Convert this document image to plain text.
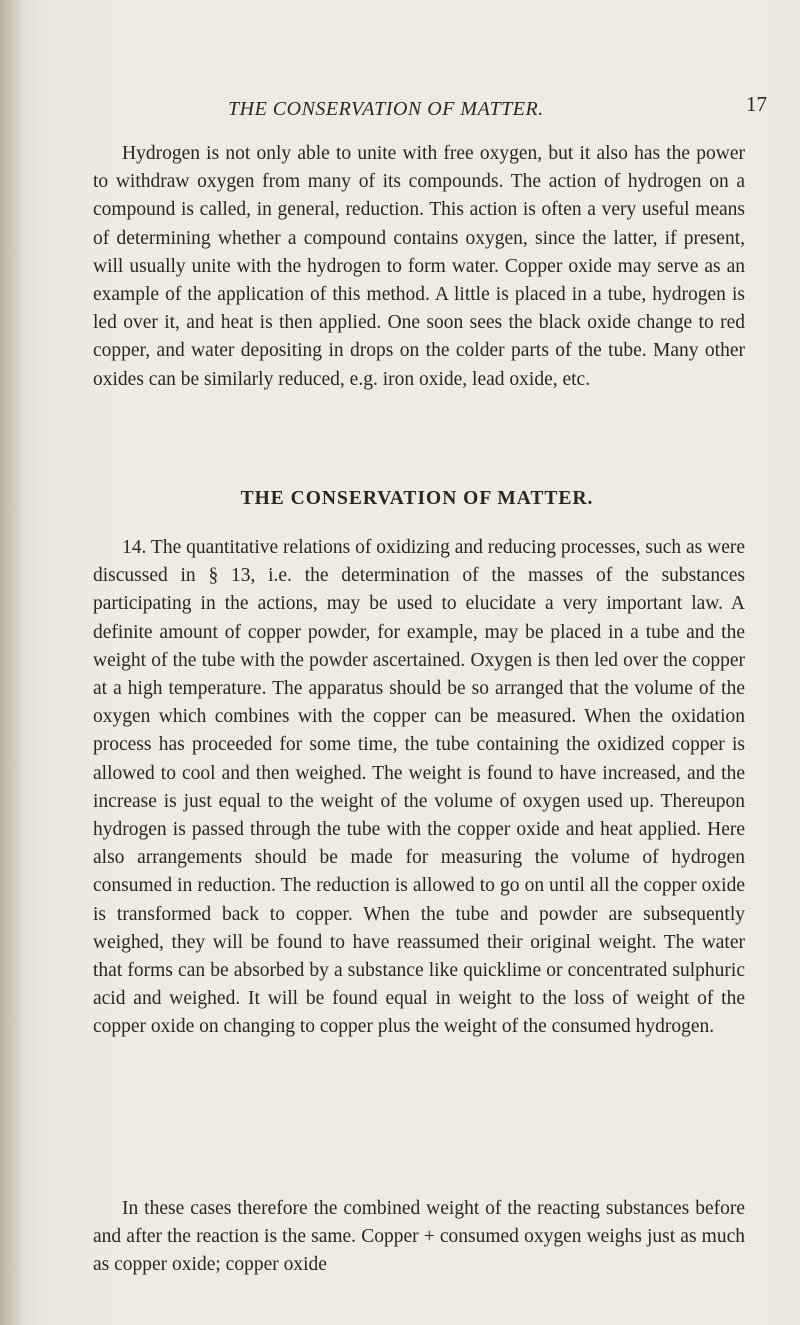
THE CONSERVATION OF MATTER.	17

Hydrogen is not only able to unite with free oxygen, but it also has the power to withdraw oxygen from many of its compounds. The action of hydrogen on a compound is called, in general, reduction. This action is often a very useful means of determining whether a compound contains oxygen, since the latter, if present, will usually unite with the hydrogen to form water. Copper oxide may serve as an example of the application of this method. A little is placed in a tube, hydrogen is led over it, and heat is then applied. One soon sees the black oxide change to red copper, and water depositing in drops on the colder parts of the tube. Many other oxides can be similarly reduced, e.g. iron oxide, lead oxide, etc.

THE CONSERVATION OF MATTER.

14. The quantitative relations of oxidizing and reducing processes, such as were discussed in § 13, i.e. the determination of the masses of the substances participating in the actions, may be used to elucidate a very important law. A definite amount of copper powder, for example, may be placed in a tube and the weight of the tube with the powder ascertained. Oxygen is then led over the copper at a high temperature. The apparatus should be so arranged that the volume of the oxygen which combines with the copper can be measured. When the oxidation process has proceeded for some time, the tube containing the oxidized copper is allowed to cool and then weighed. The weight is found to have increased, and the increase is just equal to the weight of the volume of oxygen used up. Thereupon hydrogen is passed through the tube with the copper oxide and heat applied. Here also arrangements should be made for measuring the volume of hydrogen consumed in reduction. The reduction is allowed to go on until all the copper oxide is transformed back to copper. When the tube and powder are subsequently weighed, they will be found to have reassumed their original weight. The water that forms can be absorbed by a substance like quicklime or concentrated sulphuric acid and weighed. It will be found equal in weight to the loss of weight of the copper oxide on changing to copper plus the weight of the consumed hydrogen.

In these cases therefore the combined weight of the reacting substances before and after the reaction is the same. Copper + consumed oxygen weighs just as much as copper oxide; copper oxide
